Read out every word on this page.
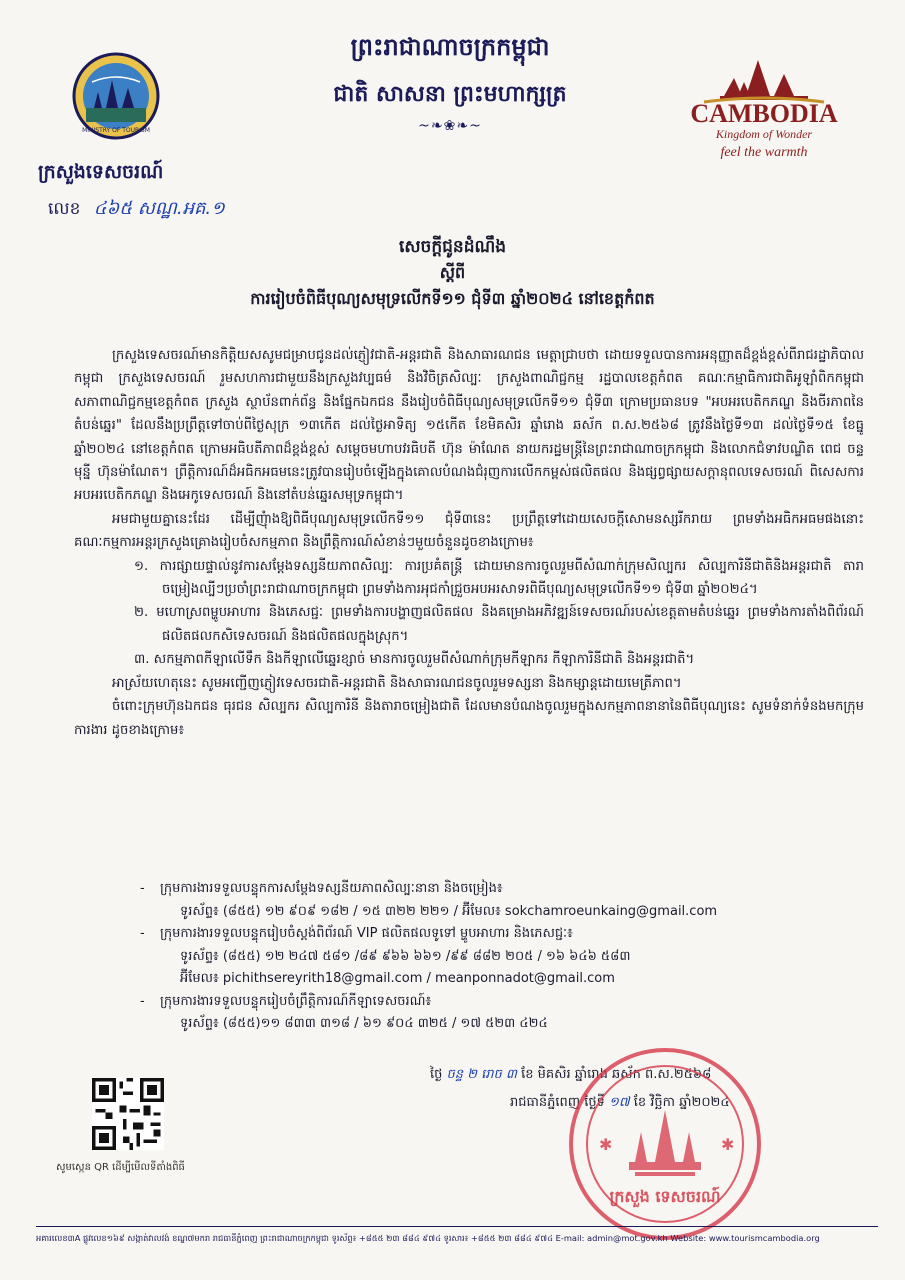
ព្រះរាជាណាចក្រកម្ពុជា
ជាតិ សាសនា ព្រះមហាក្សត្រ
~❧❀❧~
MINISTRY OF TOURISM
ក្រសួងទេសចរណ៍
លេខ ៤៦៥ សណ្ឋ.អគ.១
CAMBODIA
Kingdom of Wonder
feel the warmth
សេចក្តីជូនដំណឹង
ស្តីពី
ការរៀបចំពិធីបុណ្យសមុទ្រលើកទី១១ ជុំទី៣ ឆ្នាំ២០២៤ នៅខេត្តកំពត

ក្រសួងទេសចរណ៍មានកិត្តិយសសូមជម្រាបជូនដល់ភ្ញៀវជាតិ-អន្តរជាតិ និងសាធារណជន មេត្តាជ្រាបថា ដោយទទួលបានការអនុញ្ញាតដ៏ខ្ពង់ខ្ពស់ពីរាជរដ្ឋាភិបាលកម្ពុជា ក្រសួងទេសចរណ៍ រួមសហការជាមួយនឹងក្រសួងវប្បធម៌ និងវិចិត្រសិល្បៈ ក្រសួងពាណិជ្ជកម្ម រដ្ឋបាលខេត្តកំពត គណៈកម្មាធិការជាតិអូឡាំពិកកម្ពុជា សភាពាណិជ្ជកម្មខេត្តកំពត ក្រសួង ស្ថាប័នពាក់ព័ន្ធ និងផ្នែកឯកជន នឹងរៀបចំពិធីបុណ្យសមុទ្រលើកទី១១ ជុំទី៣ ក្រោមប្រធានបទ "អបអរបេតិកភណ្ឌ និងចីរភាពនៃតំបន់ឆ្នេរ" ដែលនឹងប្រព្រឹត្តទៅចាប់ពីថ្ងៃសុក្រ ១៣កើត ដល់ថ្ងៃអាទិត្យ ១៥កើត ខែមិគសិរ ឆ្នាំរោង ឆស័ក ព.ស.២៥៦៨ ត្រូវនឹងថ្ងៃទី១៣ ដល់ថ្ងៃទី១៥ ខែធ្នូ ឆ្នាំ២០២៤ នៅខេត្តកំពត ក្រោមអធិបតីភាពដ៏ខ្ពង់ខ្ពស់ សម្តេចមហាបវរធិបតី ហ៊ុន ម៉ាណែត នាយករដ្ឋមន្ត្រីនៃព្រះរាជាណាចក្រកម្ពុជា និងលោកជំទាវបណ្ឌិត ពេជ ចន្ទមុន្នី ហ៊ុនម៉ាណែត។ ព្រឹត្តិការណ៍ដ៏អធិកអធមនេះត្រូវបានរៀបចំឡើងក្នុងគោលបំណងជំរុញការលើកកម្ពស់ផលិតផល និងផ្សព្វផ្សាយសក្តានុពលទេសចរណ៍ ពិសេសការអបអរបេតិកភណ្ឌ និងអេកូទេសចរណ៍ និងនៅតំបន់ឆ្នេរសមុទ្រកម្ពុជា។

អមជាមួយគ្នានេះដែរ ដើម្បីញុំាងឱ្យពិធីបុណ្យសមុទ្រលើកទី១១ ជុំទី៣នេះ ប្រព្រឹត្តទៅដោយសេចក្តីសោមនស្សរីករាយ ព្រមទាំងអធិកអធមផងនោះ គណៈកម្មការអន្តរក្រសួងគ្រោងរៀបចំសកម្មភាព និងព្រឹត្តិការណ៍សំខាន់ៗមួយចំនួនដូចខាងក្រោម៖

១. ការផ្សាយផ្ទាល់នូវការសម្តែងទស្សនីយភាពសិល្បៈ ការប្រគំតន្ត្រី ដោយមានការចូលរួមពីសំណាក់ក្រុមសិល្បករ សិល្បការិនីជាតិនិងអន្តរជាតិ តារាចម្រៀងល្បីៗប្រចាំព្រះរាជាណាចក្រកម្ពុជា ព្រមទាំងការអុជកាំជ្រួចអបអរសាទរពិធីបុណ្យសមុទ្រលើកទី១១ ជុំទី៣ ឆ្នាំ២០២៤។

២. មហោស្រពម្ហូបអាហារ និងភេសជ្ជៈ ព្រមទាំងការបង្ហាញផលិតផល និងគម្រោងអភិវឌ្ឍន៍ទេសចរណ៍របស់ខេត្តតាមតំបន់ឆ្នេរ ព្រមទាំងការតាំងពិព័រណ៍ផលិតផលកសិទេសចរណ៍ និងផលិតផលក្នុងស្រុក។

៣. សកម្មភាពកីឡាលើទឹក និងកីឡាលើឆ្នេរខ្សាច់ មានការចូលរួមពីសំណាក់ក្រុមកីឡាករ កីឡាការិនីជាតិ និងអន្តរជាតិ។

អាស្រ័យហេតុនេះ សូមអញ្ជើញភ្ញៀវទេសចរជាតិ-អន្តរជាតិ និងសាធារណជនចូលរួមទស្សនា និងកម្សាន្តដោយមេត្រីភាព។

ចំពោះក្រុមហ៊ុនឯកជន ធុរជន សិល្បករ សិល្បការិនី និងតារាចម្រៀងជាតិ ដែលមានបំណងចូលរួមក្នុងសកម្មភាពនានានៃពិធីបុណ្យនេះ សូមទំនាក់ទំនងមកក្រុមការងារ ដូចខាងក្រោម៖

- ក្រុមការងារទទួលបន្ទុកការសម្តែងទស្សនីយភាពសិល្បៈនានា និងចម្រៀង៖
ទូរស័ព្ទ៖ (៨៥៥) ១២ ៩០៩ ១៨២ / ១៥ ៣២២ ២២១ / អ៊ីមែល៖ sokchamroeunkaing@gmail.com
- ក្រុមការងារទទួលបន្ទុករៀបចំស្តង់ពិព័រណ៍ VIP ផលិតផលទូទៅ ម្ហូបអាហារ និងភេសជ្ជៈ៖
ទូរស័ព្ទ៖ (៨៥៥) ១២ ២៤៧ ៥៨១ /៨៩ ៩៦៦ ៦៦១ /៩៩ ៨៨២ ២០៥ / ១៦ ៦៤៦ ៥៨៣
អ៊ីមែល៖ pichithsereyrith18@gmail.com / meanponnadot@gmail.com
- ក្រុមការងារទទួលបន្ទុករៀបចំព្រឹត្តិការណ៍កីឡាទេសចរណ៍៖
ទូរស័ព្ទ៖ (៨៥៥)១១ ៨៣៣ ៣១៨ / ៦១ ៩០៤ ៣២៥ / ១៧ ៥២៣ ៤២៤
ថ្ងៃ ចន្ទ ២ រោច ៣ ខែ មិគសិរ ឆ្នាំរោង ឆស័ក ព.ស.២៥៦៨
រាជធានីភ្នំពេញ ថ្ងៃទី ១៧ ខែ វិច្ឆិកា ឆ្នាំ២០២៤
សូមស្កេន QR ដើម្បីមើលទីតាំងពិធី
ក្រសួង ទេសចរណ៍
✱	✱
អគារលេខ៣A ផ្លូវលេខ១៦៩ សង្កាត់វាលវង់ ខណ្ឌ៧មករា រាជធានីភ្នំពេញ ព្រះរាជាណាចក្រកម្ពុជា ទូរស័ព្ទ៖ +៨៥៥ ២៣ ៨៨៤ ៩៧៤ ទូរសារ៖ +៨៥៥ ២៣ ៨៨៤ ៩៧៤ E-mail: admin@mot.gov.kh Website: www.tourismcambodia.org
